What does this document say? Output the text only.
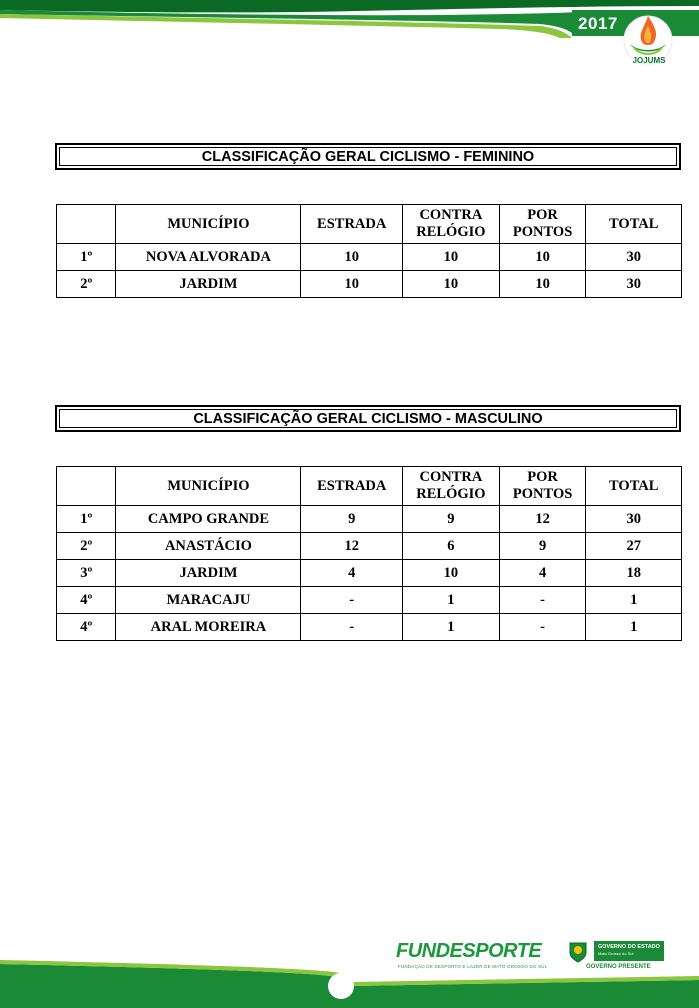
2017
JOJUMS
CLASSIFICAÇÃO GERAL CICLISMO - FEMININO
	MUNICÍPIO	ESTRADA	CONTRA RELÓGIO	POR PONTOS	TOTAL
1º	NOVA ALVORADA	10	10	10	30
2º	JARDIM	10	10	10	30
CLASSIFICAÇÃO GERAL CICLISMO - MASCULINO
	MUNICÍPIO	ESTRADA	CONTRA RELÓGIO	POR PONTOS	TOTAL
1º	CAMPO GRANDE	9	9	12	30
2º	ANASTÁCIO	12	6	9	27
3º	JARDIM	4	10	4	18
4º	MARACAJU	-	1	-	1
4º	ARAL MOREIRA	-	1	-	1
FUNDESPORTE
FUNDAÇÃO DE DESPORTO E LAZER DE MATO GROSSO DO SUL
GOVERNO DO ESTADO
Mato Grosso do Sul
GOVERNO PRESENTE
